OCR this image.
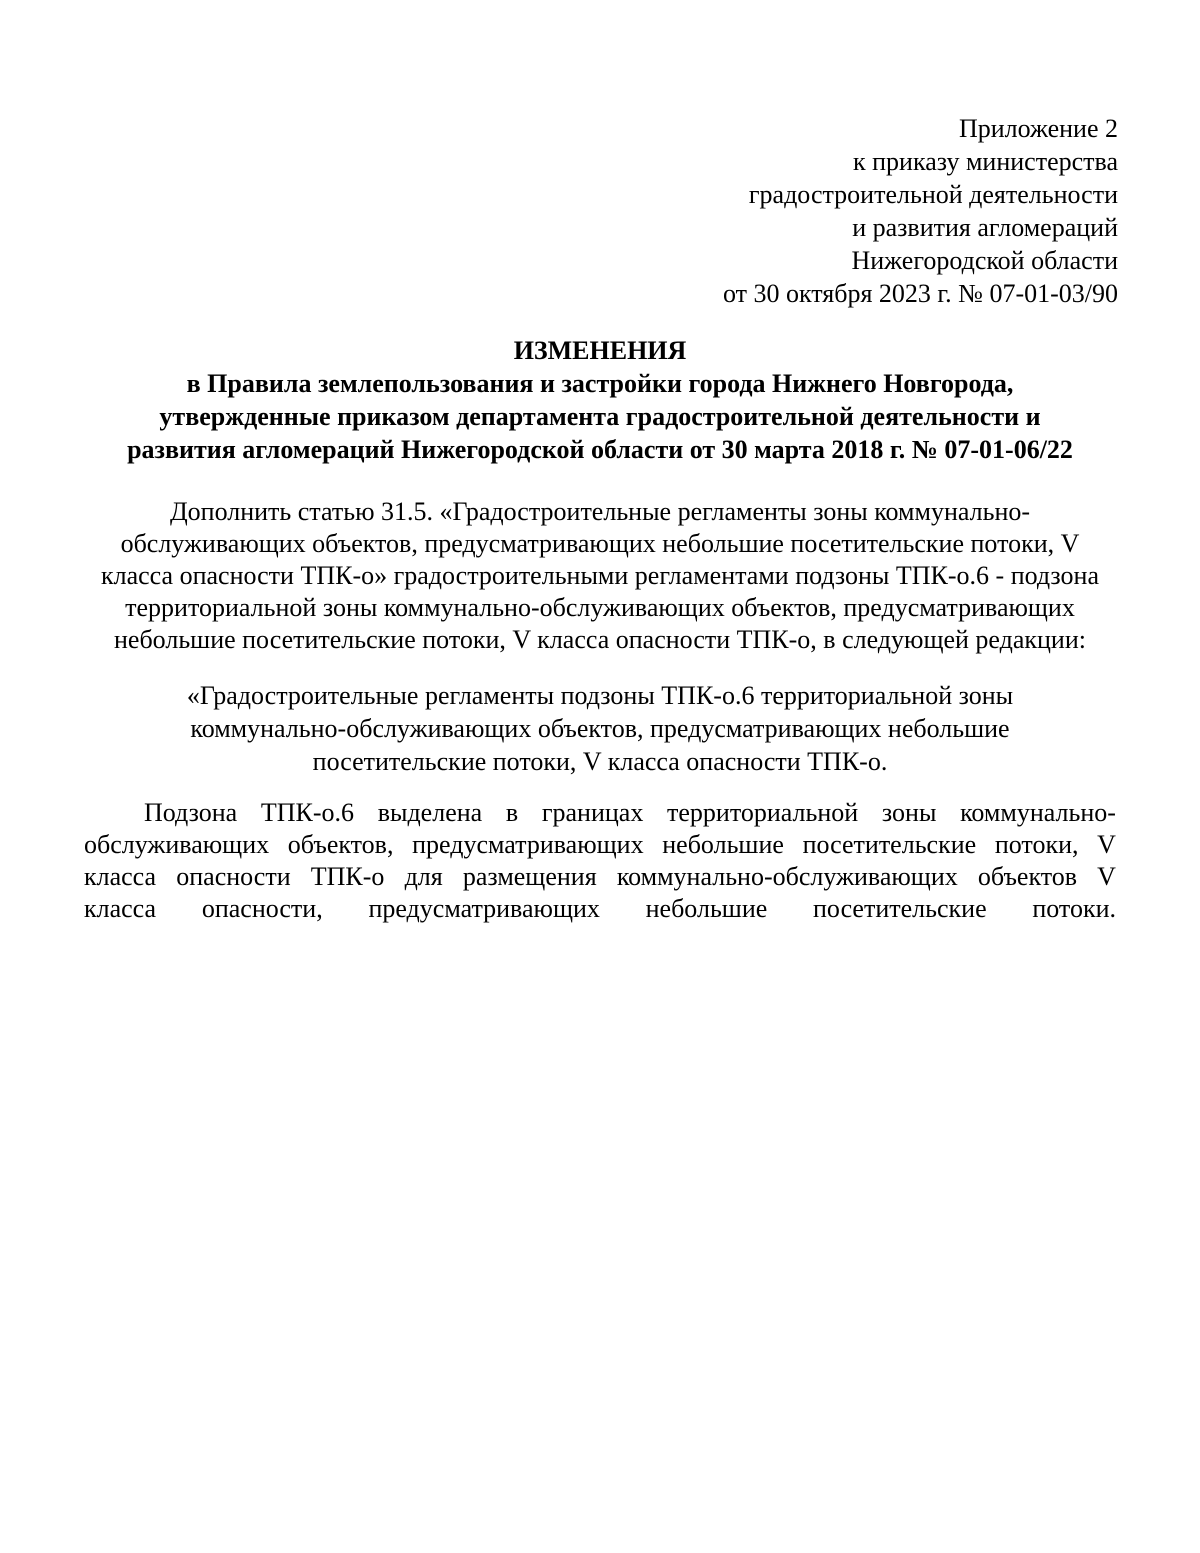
Приложение 2
к приказу министерства
градостроительной деятельности
и развития агломераций
Нижегородской области
от 30 октября 2023 г. № 07-01-03/90
ИЗМЕНЕНИЯ
в Правила землепользования и застройки города Нижнего Новгорода,
утвержденные приказом департамента градостроительной деятельности и
развития агломераций Нижегородской области от 30 марта 2018 г. № 07-01-06/22
Дополнить статью 31.5. «Градостроительные регламенты зоны коммунально-
обслуживающих объектов, предусматривающих небольшие посетительские потоки, V
класса опасности ТПК-о» градостроительными регламентами подзоны ТПК-о.6 - подзона
территориальной зоны коммунально-обслуживающих объектов, предусматривающих
небольшие посетительские потоки, V класса опасности ТПК-о, в следующей редакции:
«Градостроительные регламенты подзоны ТПК-о.6 территориальной зоны
коммунально-обслуживающих объектов, предусматривающих небольшие
посетительские потоки, V класса опасности ТПК-о.
Подзона ТПК-о.6 выделена в границах территориальной зоны коммунально-
обслуживающих объектов, предусматривающих небольшие посетительские потоки, V
класса опасности ТПК-о для размещения коммунально-обслуживающих объектов V
класса опасности, предусматривающих небольшие посетительские потоки.
